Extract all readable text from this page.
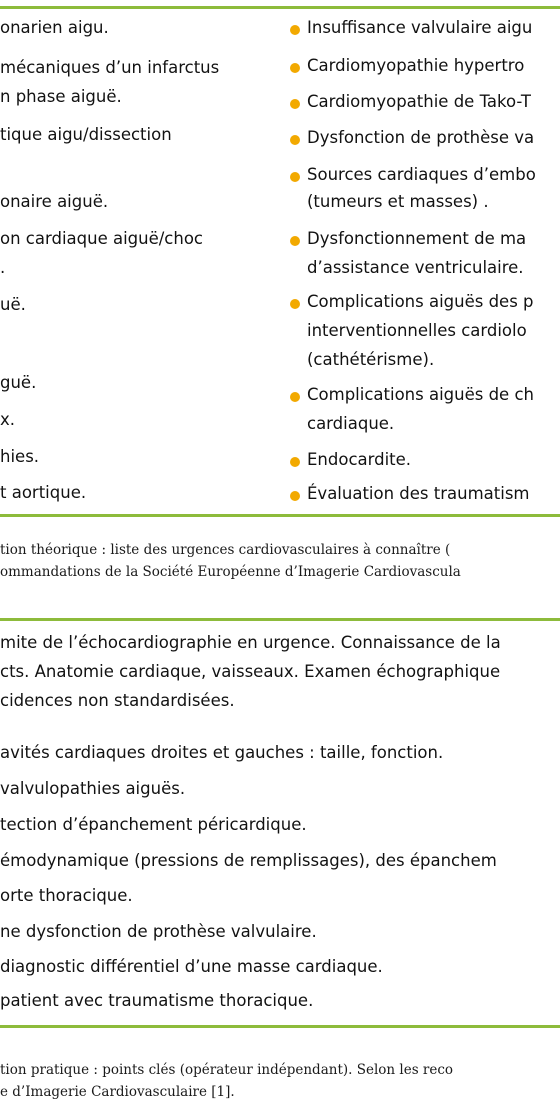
onarien aigu.
mécaniques d’un infarctus
n phase aiguë.
tique aigu/dissection
onaire aiguë.
on cardiaque aiguë/choc
.
uë.
guë.
x.
hies.
t aortique.
Insuffisance valvulaire aigu
Cardiomyopathie hypertro
Cardiomyopathie de Tako-T
Dysfonction de prothèse va
Sources cardiaques d’embo
(tumeurs et masses) .
Dysfonctionnement de ma
d’assistance ventriculaire.
Complications aiguës des p
interventionnelles cardiolo
(cathétérisme).
Complications aiguës de ch
cardiaque.
Endocardite.
Évaluation des traumatism
tion théorique : liste des urgences cardiovasculaires à connaître (
ommandations de la Société Européenne d’Imagerie Cardiovascula
mite de l’échocardiographie en urgence. Connaissance de la
cts. Anatomie cardiaque, vaisseaux. Examen échographique
cidences non standardisées.
avités cardiaques droites et gauches : taille, fonction.
valvulopathies aiguës.
tection d’épanchement péricardique.
émodynamique (pressions de remplissages), des épanchem
orte thoracique.
ne dysfonction de prothèse valvulaire.
diagnostic différentiel d’une masse cardiaque.
patient avec traumatisme thoracique.
tion pratique : points clés (opérateur indépendant). Selon les reco
e d’Imagerie Cardiovasculaire [1].
